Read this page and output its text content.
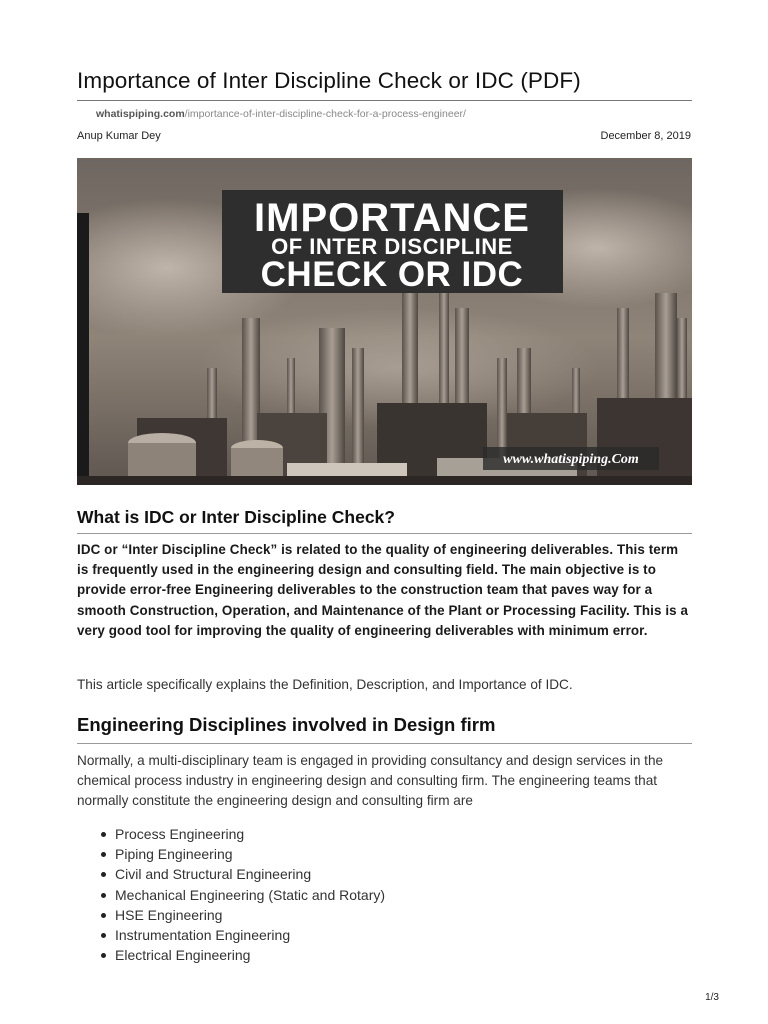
Importance of Inter Discipline Check or IDC (PDF)
whatispiping.com/importance-of-inter-discipline-check-for-a-process-engineer/
Anup Kumar Dey	December 8, 2019
IMPORTANCE
OF INTER DISCIPLINE
CHECK OR IDC
www.whatispiping.Com
What is IDC or Inter Discipline Check?

IDC or “Inter Discipline Check” is related to the quality of engineering deliverables. This term is frequently used in the engineering design and consulting field. The main objective is to provide error-free Engineering deliverables to the construction team that paves way for a smooth Construction, Operation, and Maintenance of the Plant or Processing Facility. This is a very good tool for improving the quality of engineering deliverables with minimum error.

This article specifically explains the Definition, Description, and Importance of IDC.

Engineering Disciplines involved in Design firm

Normally, a multi-disciplinary team is engaged in providing consultancy and design services in the chemical process industry in engineering design and consulting firm. The engineering teams that normally constitute the engineering design and consulting firm are

Process Engineering
Piping Engineering
Civil and Structural Engineering
Mechanical Engineering (Static and Rotary)
HSE Engineering
Instrumentation Engineering
Electrical Engineering
1/3
